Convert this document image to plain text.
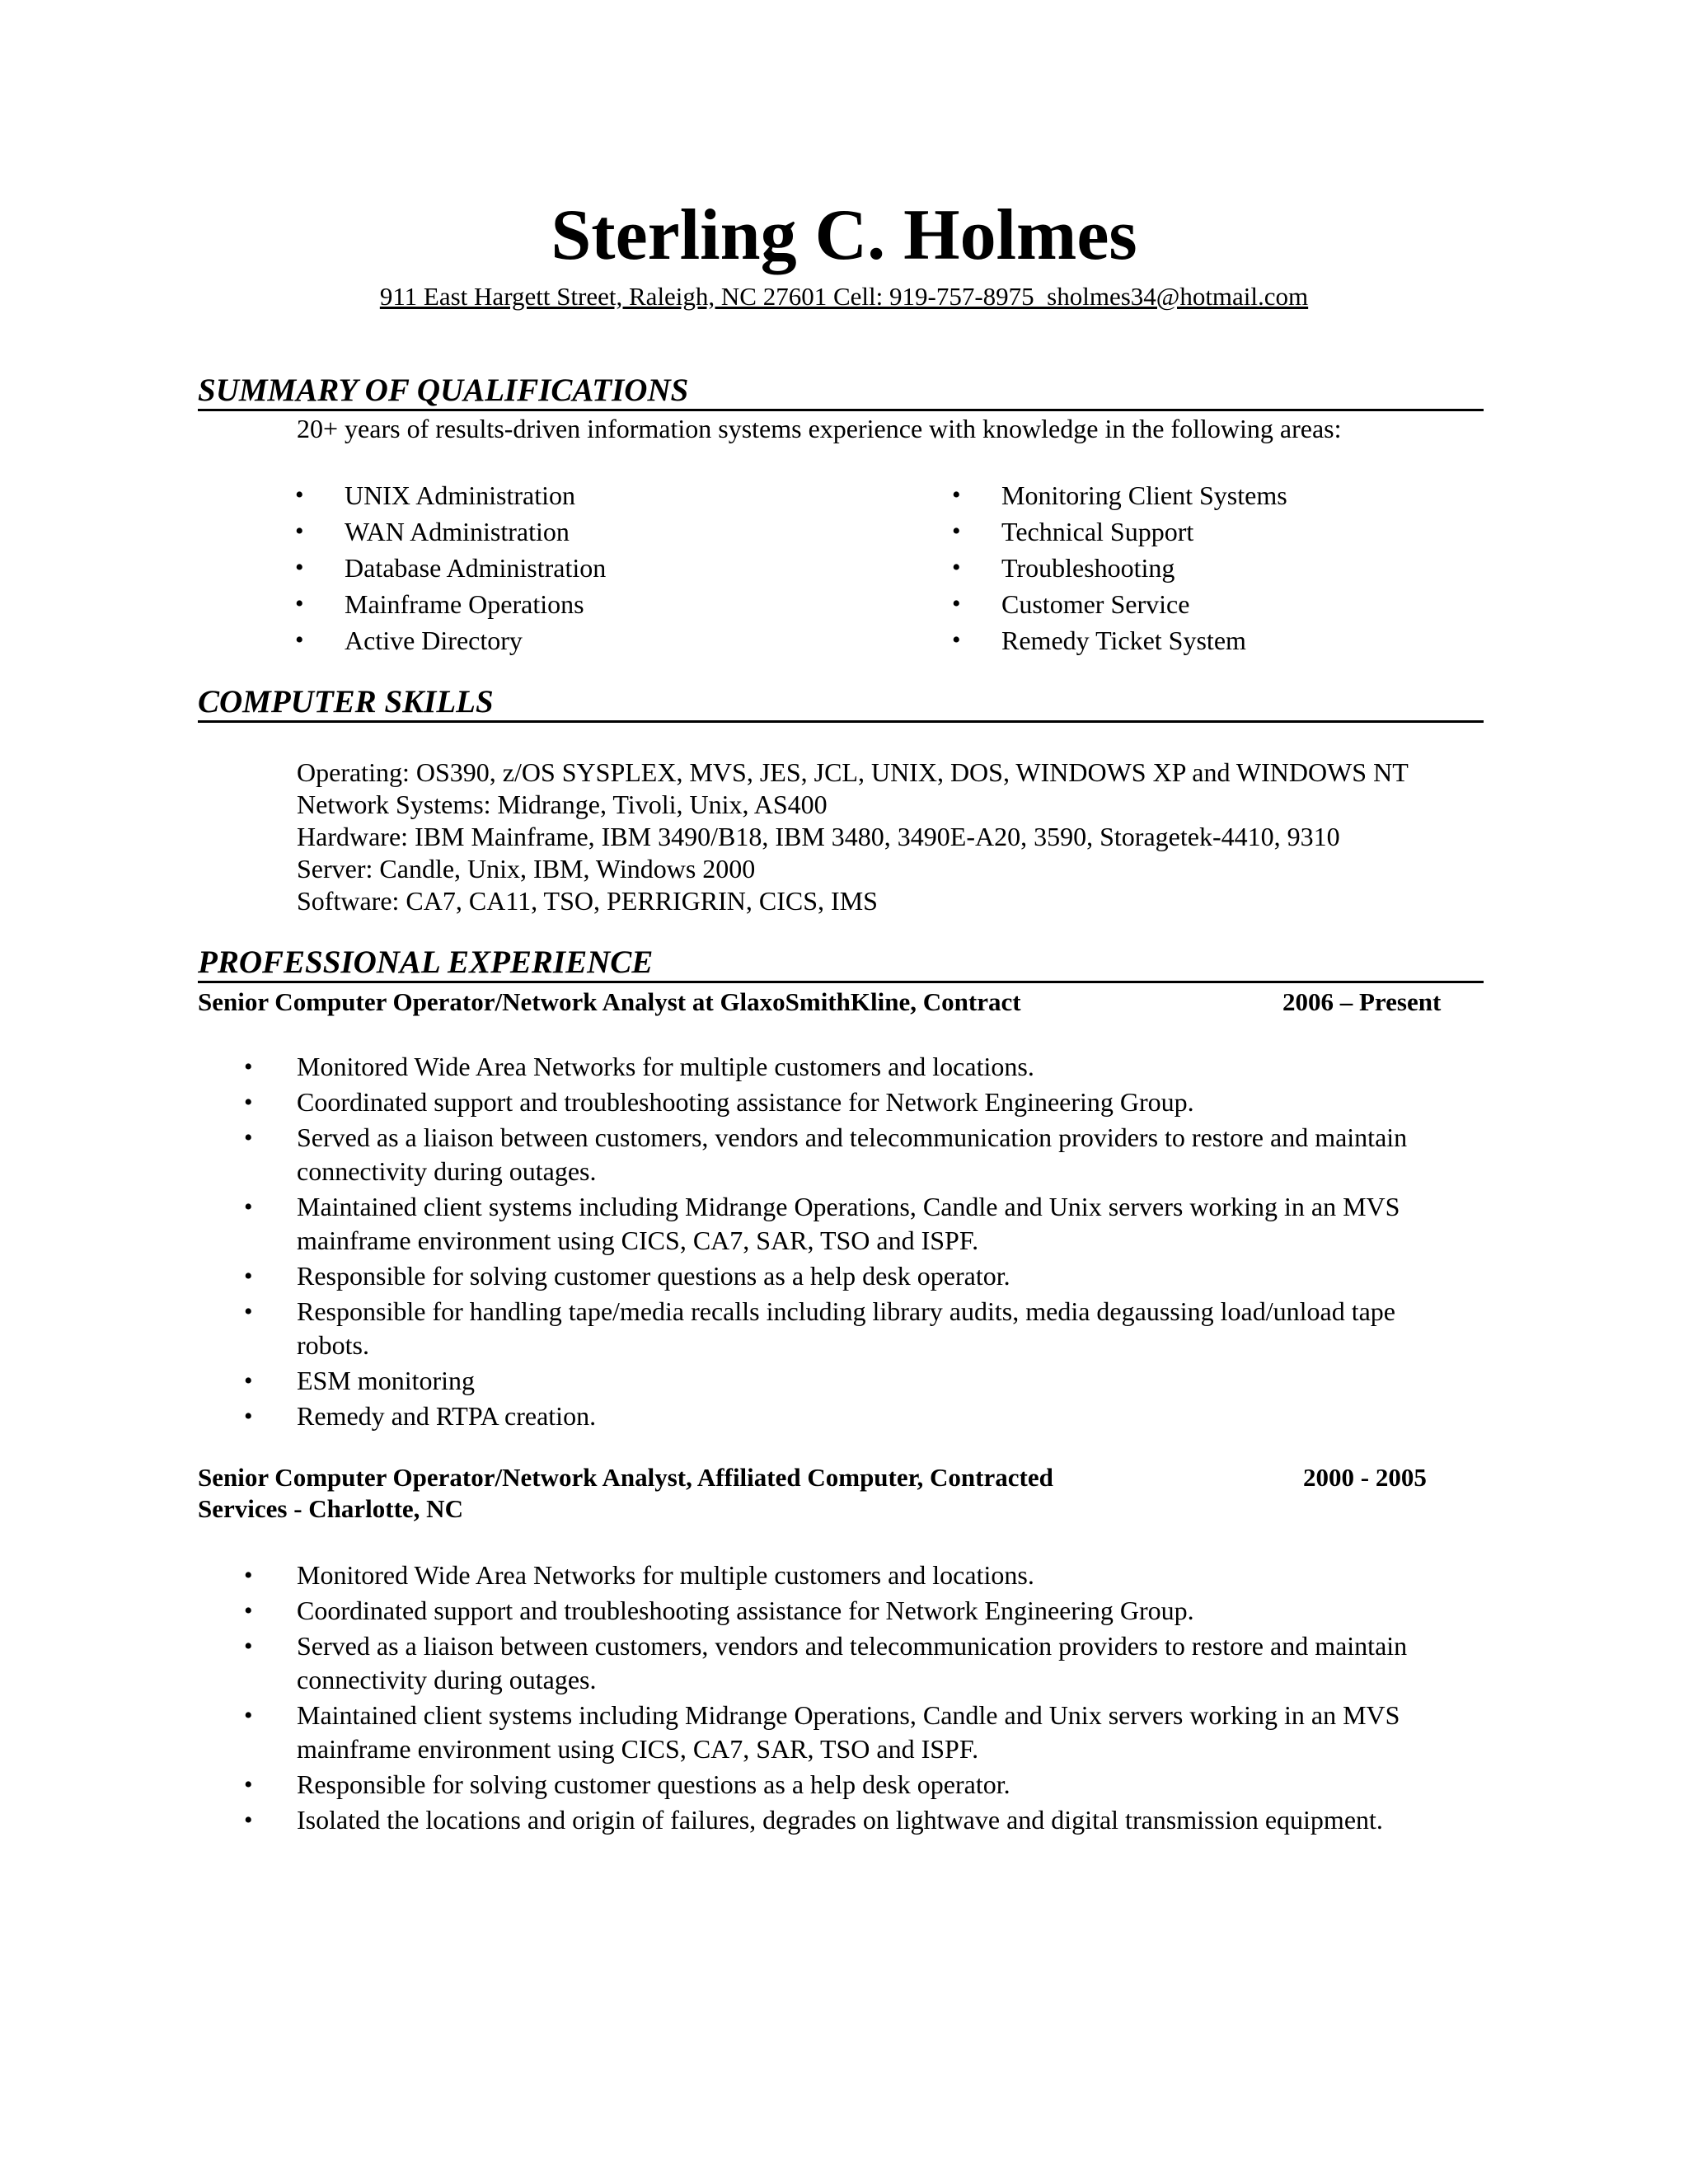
Sterling C. Holmes
911 East Hargett Street, Raleigh, NC 27601 Cell: 919-757-8975  sholmes34@hotmail.com
SUMMARY OF QUALIFICATIONS
20+ years of results-driven information systems experience with knowledge in the following areas:
• UNIX Administration
• WAN Administration
• Database Administration
• Mainframe Operations
• Active Directory
• Monitoring Client Systems
• Technical Support
• Troubleshooting
• Customer Service
• Remedy Ticket System
COMPUTER SKILLS
Operating: OS390, z/OS SYSPLEX, MVS, JES, JCL, UNIX, DOS, WINDOWS XP and WINDOWS NT
Network Systems: Midrange, Tivoli, Unix, AS400
Hardware: IBM Mainframe, IBM 3490/B18, IBM 3480, 3490E-A20, 3590, Storagetek-4410, 9310
Server: Candle, Unix, IBM, Windows 2000
Software: CA7, CA11, TSO, PERRIGRIN, CICS, IMS
PROFESSIONAL EXPERIENCE
Senior Computer Operator/Network Analyst at GlaxoSmithKline, Contract	2006 – Present
• Monitored Wide Area Networks for multiple customers and locations.
• Coordinated support and troubleshooting assistance for Network Engineering Group.
• Served as a liaison between customers, vendors and telecommunication providers to restore and maintain connectivity during outages.
• Maintained client systems including Midrange Operations, Candle and Unix servers working in an MVS mainframe environment using CICS, CA7, SAR, TSO and ISPF.
• Responsible for solving customer questions as a help desk operator.
• Responsible for handling tape/media recalls including library audits, media degaussing load/unload tape robots.
• ESM monitoring
• Remedy and RTPA creation.
Senior Computer Operator/Network Analyst, Affiliated Computer, Contracted
Services - Charlotte, NC
2000 - 2005
• Monitored Wide Area Networks for multiple customers and locations.
• Coordinated support and troubleshooting assistance for Network Engineering Group.
• Served as a liaison between customers, vendors and telecommunication providers to restore and maintain connectivity during outages.
• Maintained client systems including Midrange Operations, Candle and Unix servers working in an MVS mainframe environment using CICS, CA7, SAR, TSO and ISPF.
• Responsible for solving customer questions as a help desk operator.
• Isolated the locations and origin of failures, degrades on lightwave and digital transmission equipment.
